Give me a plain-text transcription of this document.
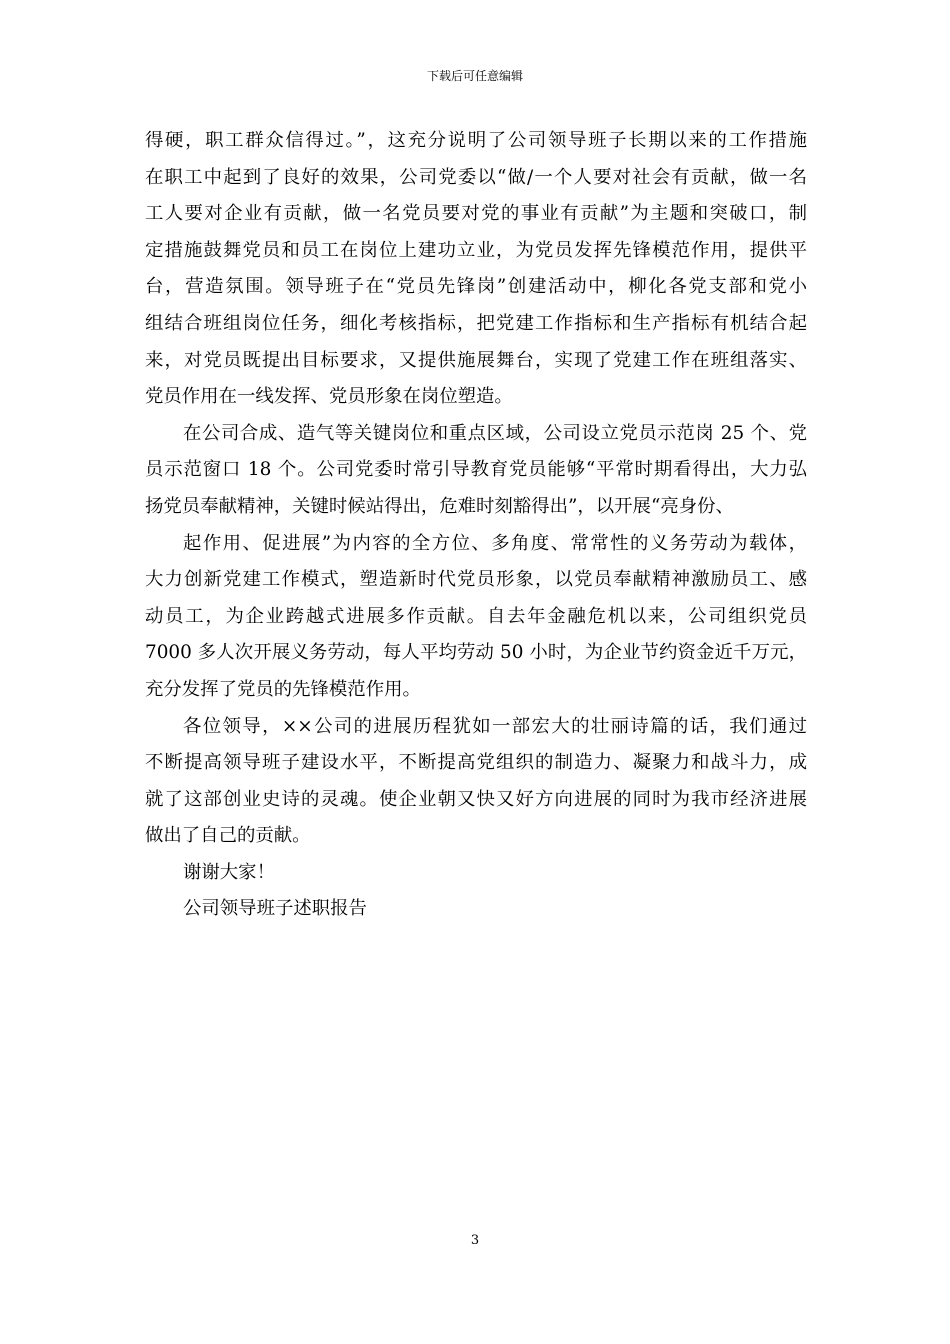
下载后可任意编辑
得硬，职工群众信得过。”，这充分说明了公司领导班子长期以来的工作措施
在职工中起到了良好的效果，公司党委以“做/一个人要对社会有贡献，做一名
工人要对企业有贡献，做一名党员要对党的事业有贡献”为主题和突破口，制
定措施鼓舞党员和员工在岗位上建功立业，为党员发挥先锋模范作用，提供平
台，营造氛围。领导班子在“党员先锋岗”创建活动中，柳化各党支部和党小
组结合班组岗位任务，细化考核指标，把党建工作指标和生产指标有机结合起
来，对党员既提出目标要求，又提供施展舞台，实现了党建工作在班组落实、
党员作用在一线发挥、党员形象在岗位塑造。
在公司合成、造气等关键岗位和重点区域，公司设立党员示范岗 25 个、党
员示范窗口 18 个。公司党委时常引导教育党员能够“平常时期看得出，大力弘
扬党员奉献精神，关键时候站得出，危难时刻豁得出”，以开展“亮身份、
起作用、促进展”为内容的全方位、多角度、常常性的义务劳动为载体，
大力创新党建工作模式，塑造新时代党员形象，以党员奉献精神激励员工、感
动员工，为企业跨越式进展多作贡献。自去年金融危机以来，公司组织党员
7000 多人次开展义务劳动，每人平均劳动 50 小时，为企业节约资金近千万元，
充分发挥了党员的先锋模范作用。
各位领导，××公司的进展历程犹如一部宏大的壮丽诗篇的话，我们通过
不断提高领导班子建设水平，不断提高党组织的制造力、凝聚力和战斗力，成
就了这部创业史诗的灵魂。使企业朝又快又好方向进展的同时为我市经济进展
做出了自己的贡献。
谢谢大家！
公司领导班子述职报告
3
